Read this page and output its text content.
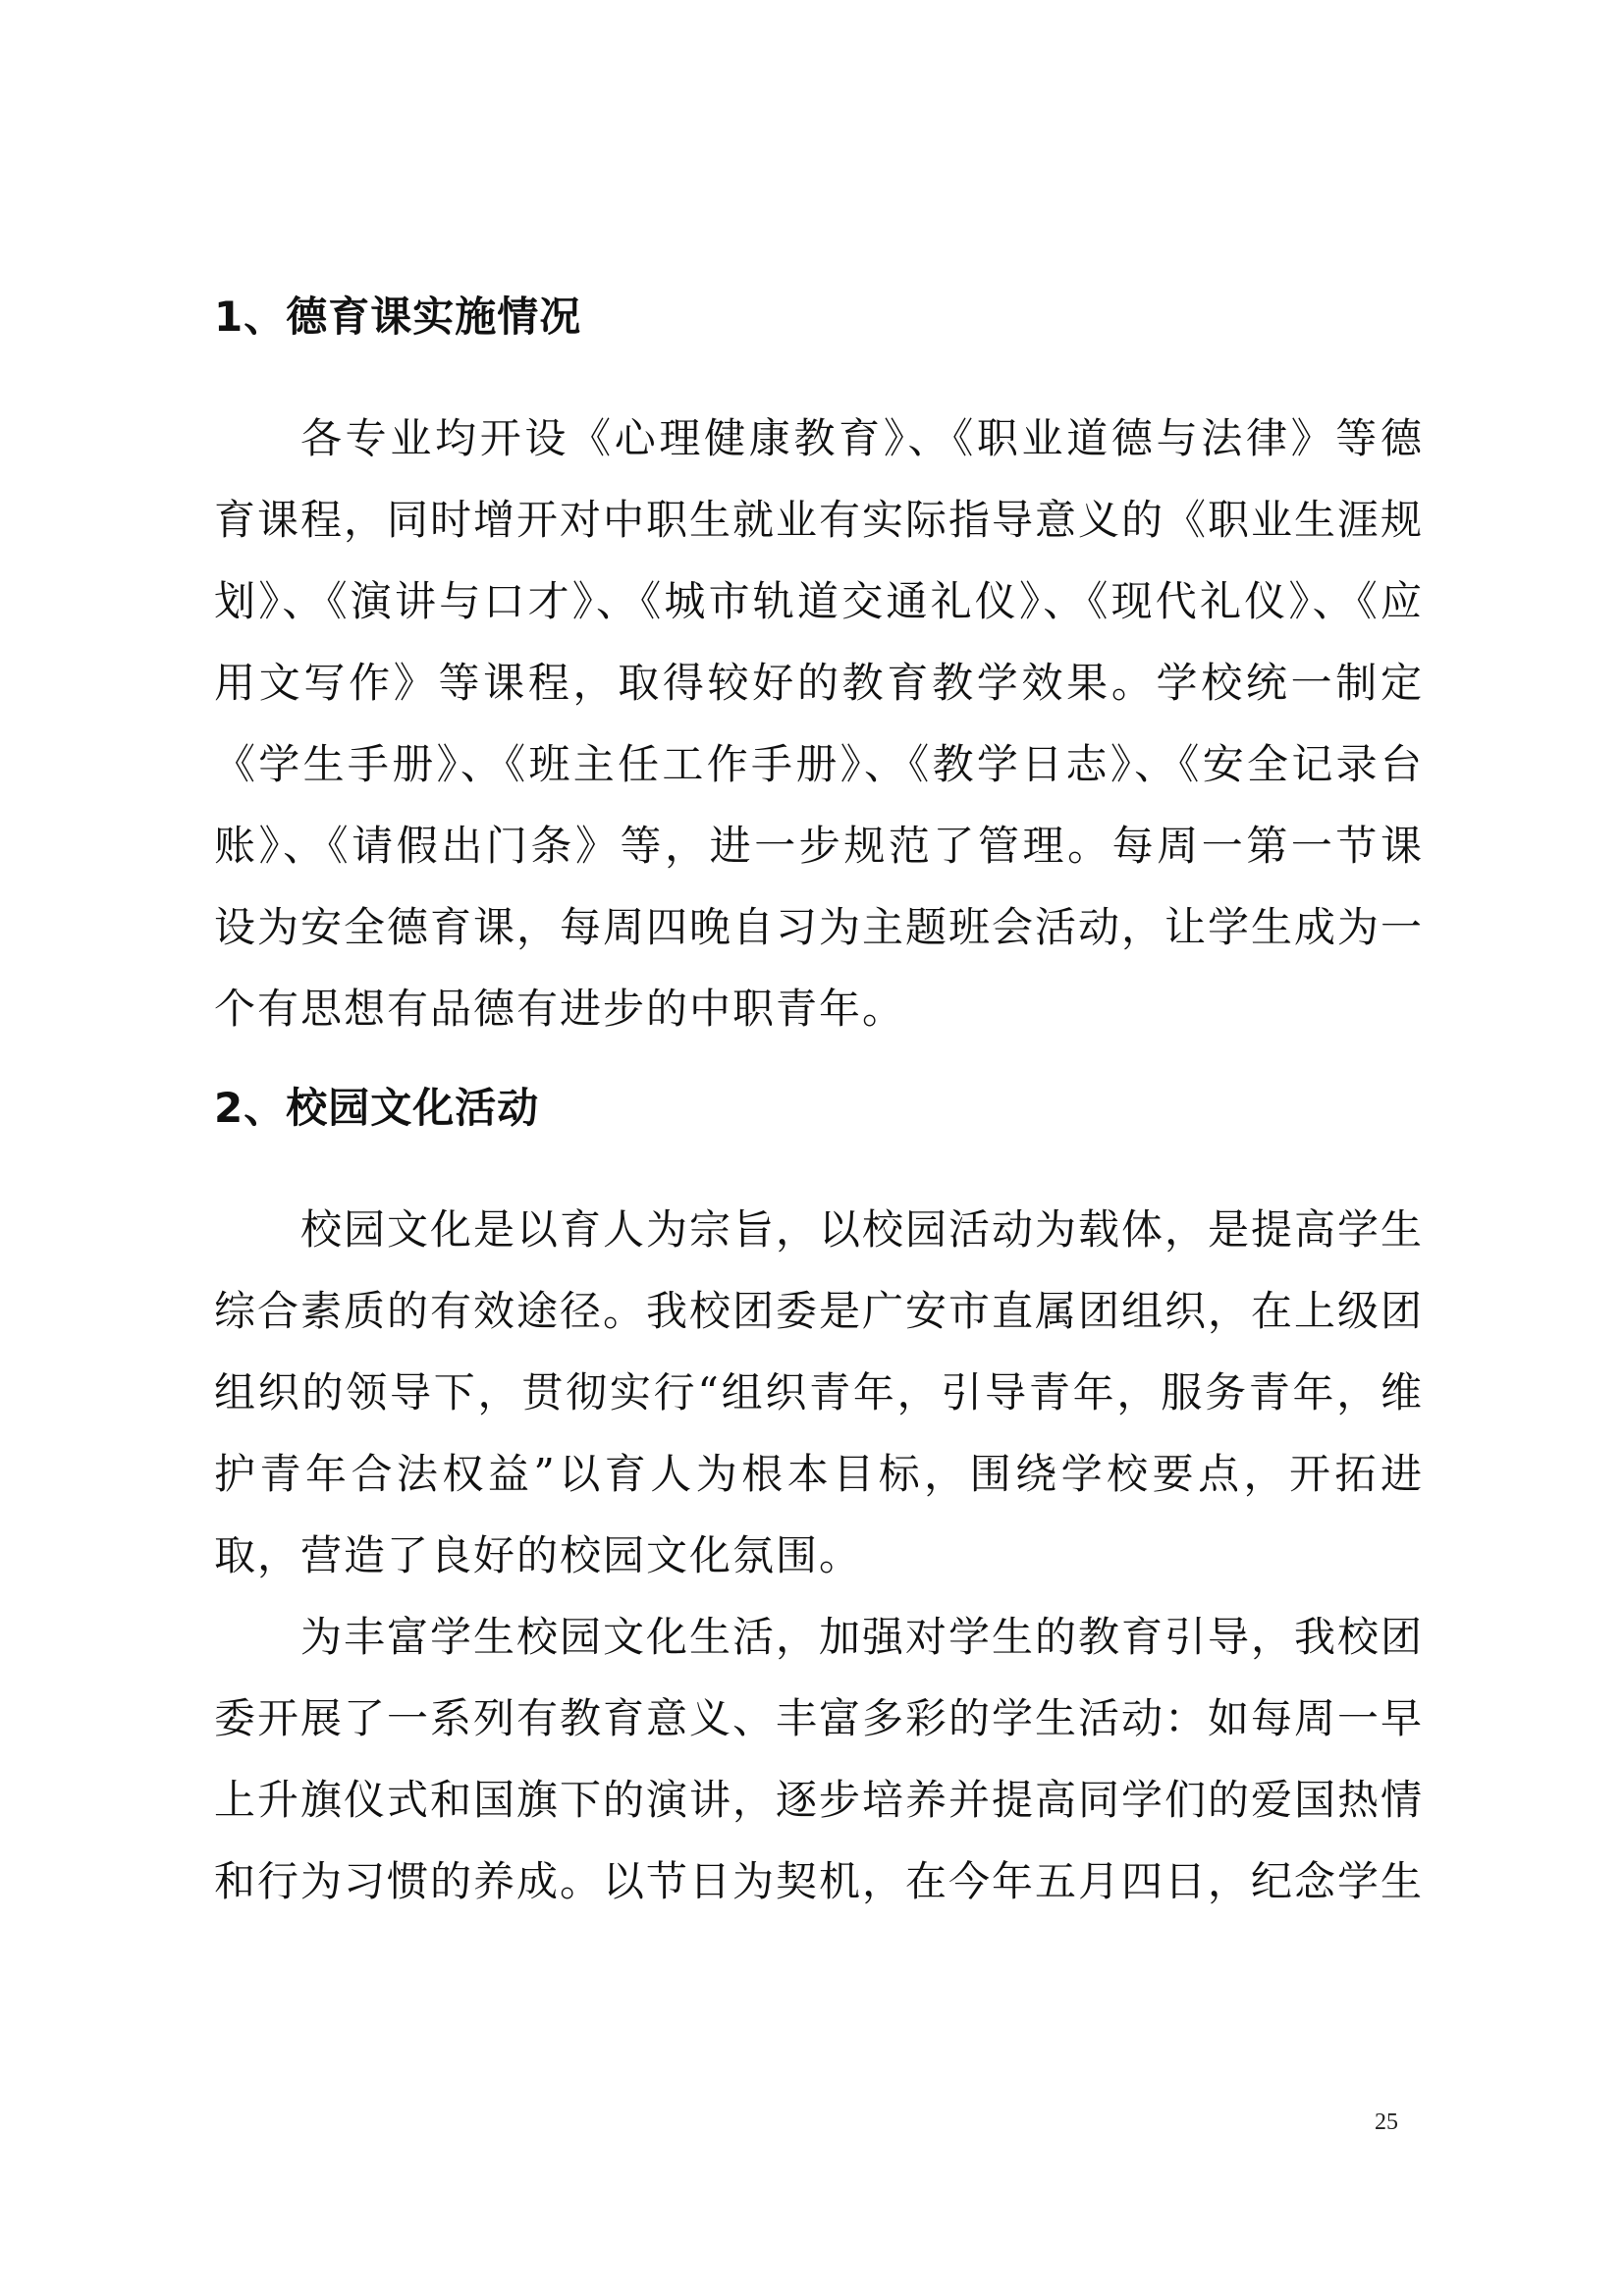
1、德育课实施情况

各专业均开设《心理健康教育》、《职业道德与法律》等德育课程，同时增开对中职生就业有实际指导意义的《职业生涯规划》、《演讲与口才》、《城市轨道交通礼仪》、《现代礼仪》、《应用文写作》等课程，取得较好的教育教学效果。学校统一制定《学生手册》、《班主任工作手册》、《教学日志》、《安全记录台账》、《请假出门条》等，进一步规范了管理。每周一第一节课设为安全德育课，每周四晚自习为主题班会活动，让学生成为一个有思想有品德有进步的中职青年。

2、校园文化活动

校园文化是以育人为宗旨，以校园活动为载体，是提高学生综合素质的有效途径。我校团委是广安市直属团组织，在上级团组织的领导下，贯彻实行“组织青年，引导青年，服务青年，维护青年合法权益”以育人为根本目标，围绕学校要点，开拓进取，营造了良好的校园文化氛围。

为丰富学生校园文化生活，加强对学生的教育引导，我校团委开展了一系列有教育意义、丰富多彩的学生活动：如每周一早上升旗仪式和国旗下的演讲，逐步培养并提高同学们的爱国热情和行为习惯的养成。以节日为契机，在今年五月四日，纪念学生

25
